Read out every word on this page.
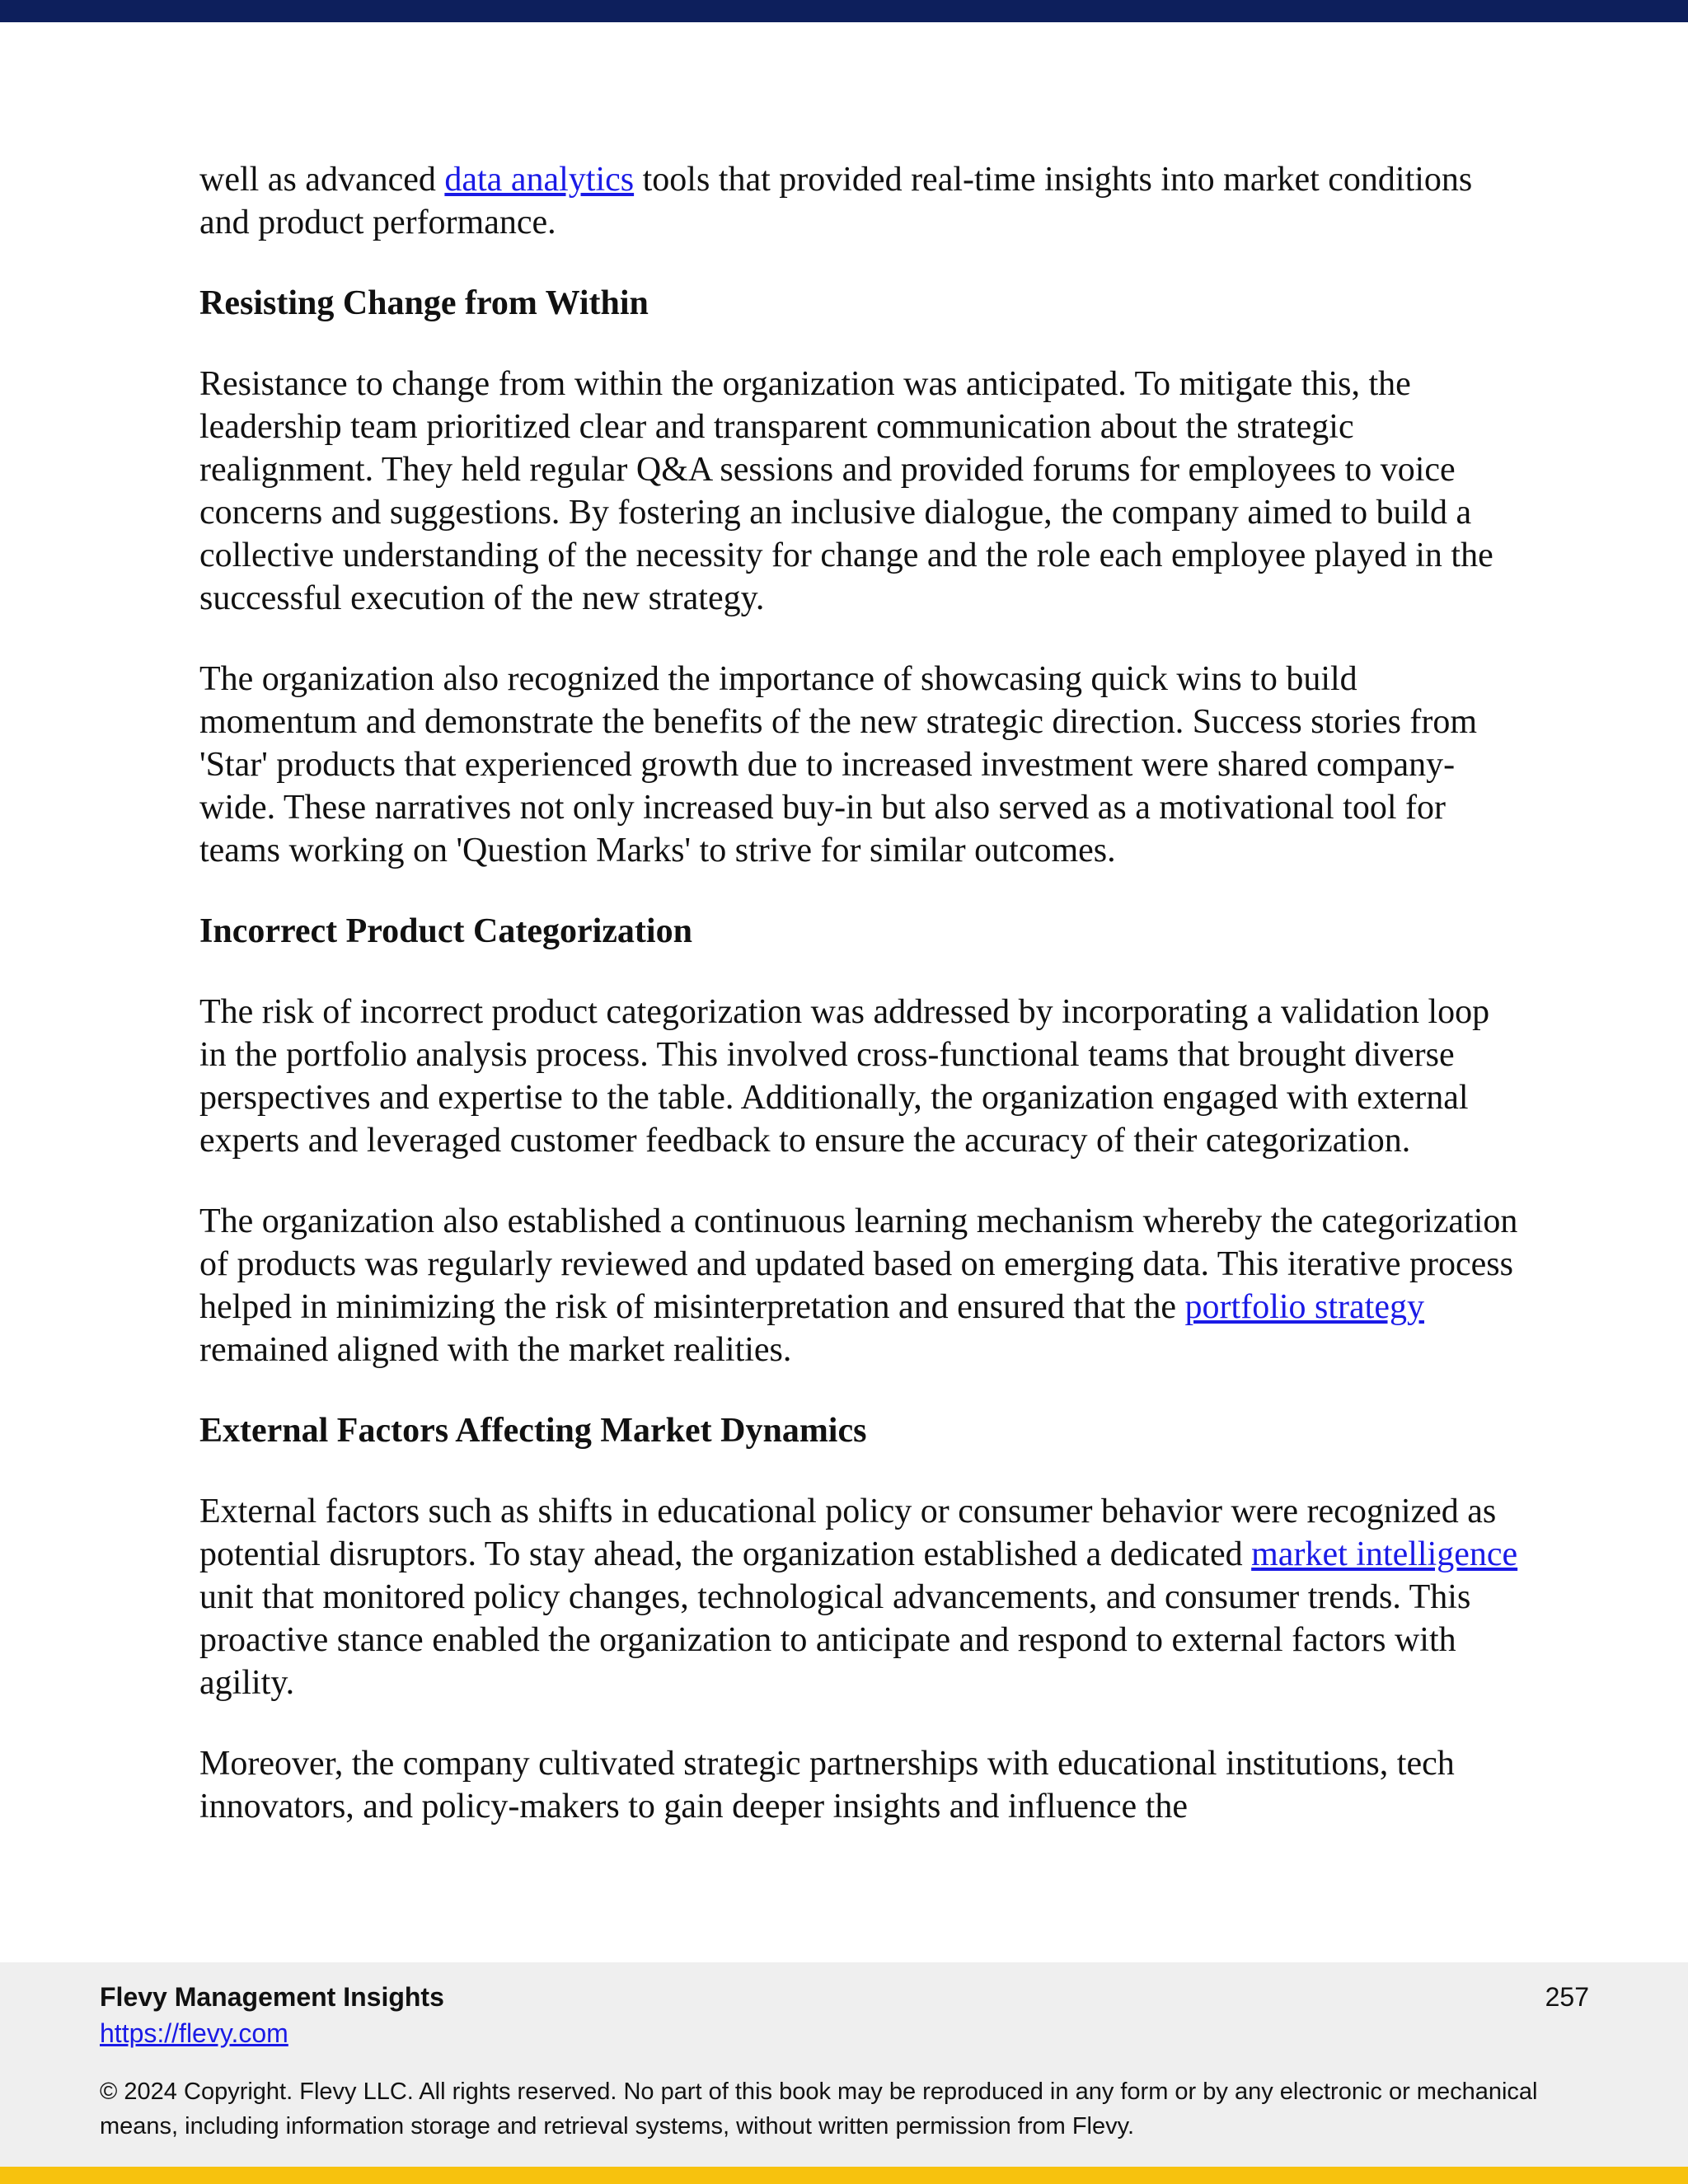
well as advanced data analytics tools that provided real-time insights into market conditions and product performance.

Resisting Change from Within

Resistance to change from within the organization was anticipated. To mitigate this, the leadership team prioritized clear and transparent communication about the strategic realignment. They held regular Q&A sessions and provided forums for employees to voice concerns and suggestions. By fostering an inclusive dialogue, the company aimed to build a collective understanding of the necessity for change and the role each employee played in the successful execution of the new strategy.

The organization also recognized the importance of showcasing quick wins to build momentum and demonstrate the benefits of the new strategic direction. Success stories from 'Star' products that experienced growth due to increased investment were shared company-wide. These narratives not only increased buy-in but also served as a motivational tool for teams working on 'Question Marks' to strive for similar outcomes.

Incorrect Product Categorization

The risk of incorrect product categorization was addressed by incorporating a validation loop in the portfolio analysis process. This involved cross-functional teams that brought diverse perspectives and expertise to the table. Additionally, the organization engaged with external experts and leveraged customer feedback to ensure the accuracy of their categorization.

The organization also established a continuous learning mechanism whereby the categorization of products was regularly reviewed and updated based on emerging data. This iterative process helped in minimizing the risk of misinterpretation and ensured that the portfolio strategy remained aligned with the market realities.

External Factors Affecting Market Dynamics

External factors such as shifts in educational policy or consumer behavior were recognized as potential disruptors. To stay ahead, the organization established a dedicated market intelligence unit that monitored policy changes, technological advancements, and consumer trends. This proactive stance enabled the organization to anticipate and respond to external factors with agility.

Moreover, the company cultivated strategic partnerships with educational institutions, tech innovators, and policy-makers to gain deeper insights and influence the

Flevy Management Insights
https://flevy.com
257
© 2024 Copyright. Flevy LLC. All rights reserved. No part of this book may be reproduced in any form or by any electronic or mechanical means, including information storage and retrieval systems, without written permission from Flevy.
